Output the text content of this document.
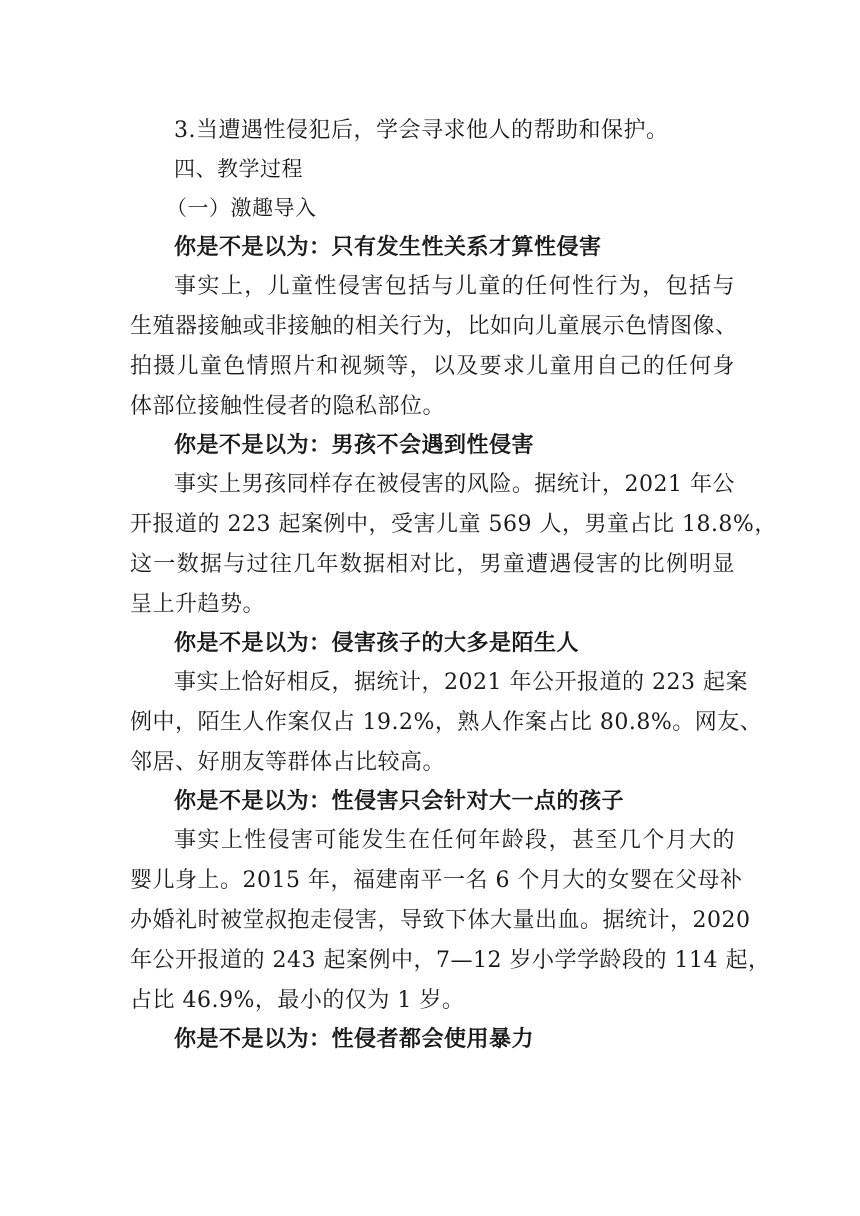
3.当遭遇性侵犯后，学会寻求他人的帮助和保护。

四、教学过程

（一）激趣导入

你是不是以为：只有发生性关系才算性侵害

事实上，儿童性侵害包括与儿童的任何性行为，包括与

生殖器接触或非接触的相关行为，比如向儿童展示色情图像、

拍摄儿童色情照片和视频等，以及要求儿童用自己的任何身

体部位接触性侵者的隐私部位。

你是不是以为：男孩不会遇到性侵害

事实上男孩同样存在被侵害的风险。据统计，2021 年公

开报道的 223 起案例中，受害儿童 569 人，男童占比 18.8%，

这一数据与过往几年数据相对比，男童遭遇侵害的比例明显

呈上升趋势。

你是不是以为：侵害孩子的大多是陌生人

事实上恰好相反，据统计，2021 年公开报道的 223 起案

例中，陌生人作案仅占 19.2%，熟人作案占比 80.8%。网友、

邻居、好朋友等群体占比较高。

你是不是以为：性侵害只会针对大一点的孩子

事实上性侵害可能发生在任何年龄段，甚至几个月大的

婴儿身上。2015 年，福建南平一名 6 个月大的女婴在父母补

办婚礼时被堂叔抱走侵害，导致下体大量出血。据统计，2020

年公开报道的 243 起案例中，7—12 岁小学学龄段的 114 起，

占比 46.9%，最小的仅为 1 岁。

你是不是以为：性侵者都会使用暴力
